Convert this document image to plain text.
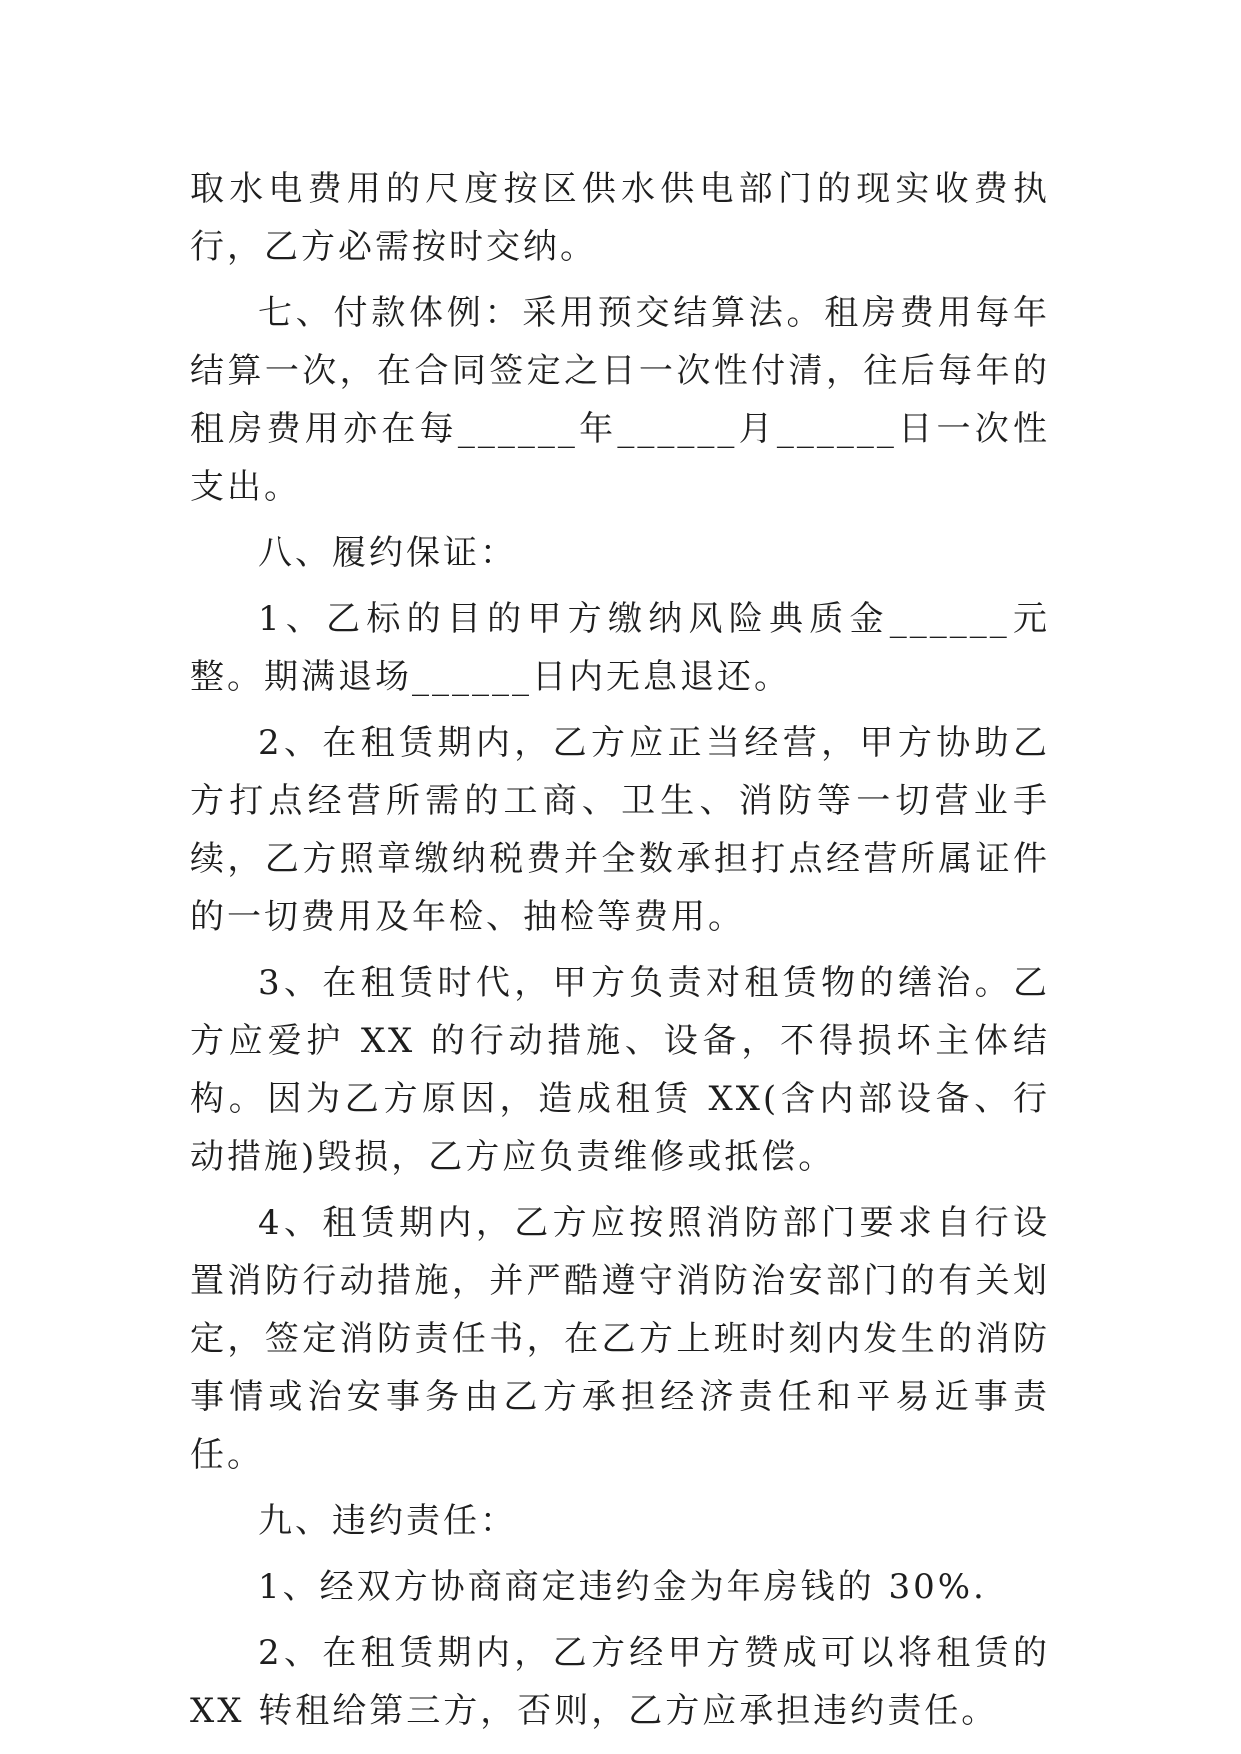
取水电费用的尺度按区供水供电部门的现实收费执行，乙方必需按时交纳。

七、付款体例：采用预交结算法。租房费用每年结算一次，在合同签定之日一次性付清，往后每年的租房费用亦在每______年______月______日一次性支出。

八、履约保证：

1、乙标的目的甲方缴纳风险典质金______元整。期满退场______日内无息退还。

2、在租赁期内，乙方应正当经营，甲方协助乙方打点经营所需的工商、卫生、消防等一切营业手续，乙方照章缴纳税费并全数承担打点经营所属证件的一切费用及年检、抽检等费用。

3、在租赁时代，甲方负责对租赁物的缮治。乙方应爱护 XX 的行动措施、设备，不得损坏主体结构。因为乙方原因，造成租赁 XX(含内部设备、行动措施)毁损，乙方应负责维修或抵偿。

4、租赁期内，乙方应按照消防部门要求自行设置消防行动措施，并严酷遵守消防治安部门的有关划定，签定消防责任书，在乙方上班时刻内发生的消防事情或治安事务由乙方承担经济责任和平易近事责任。

九、违约责任：

1、经双方协商商定违约金为年房钱的 30%.

2、在租赁期内，乙方经甲方赞成可以将租赁的 XX 转租给第三方，否则，乙方应承担违约责任。
